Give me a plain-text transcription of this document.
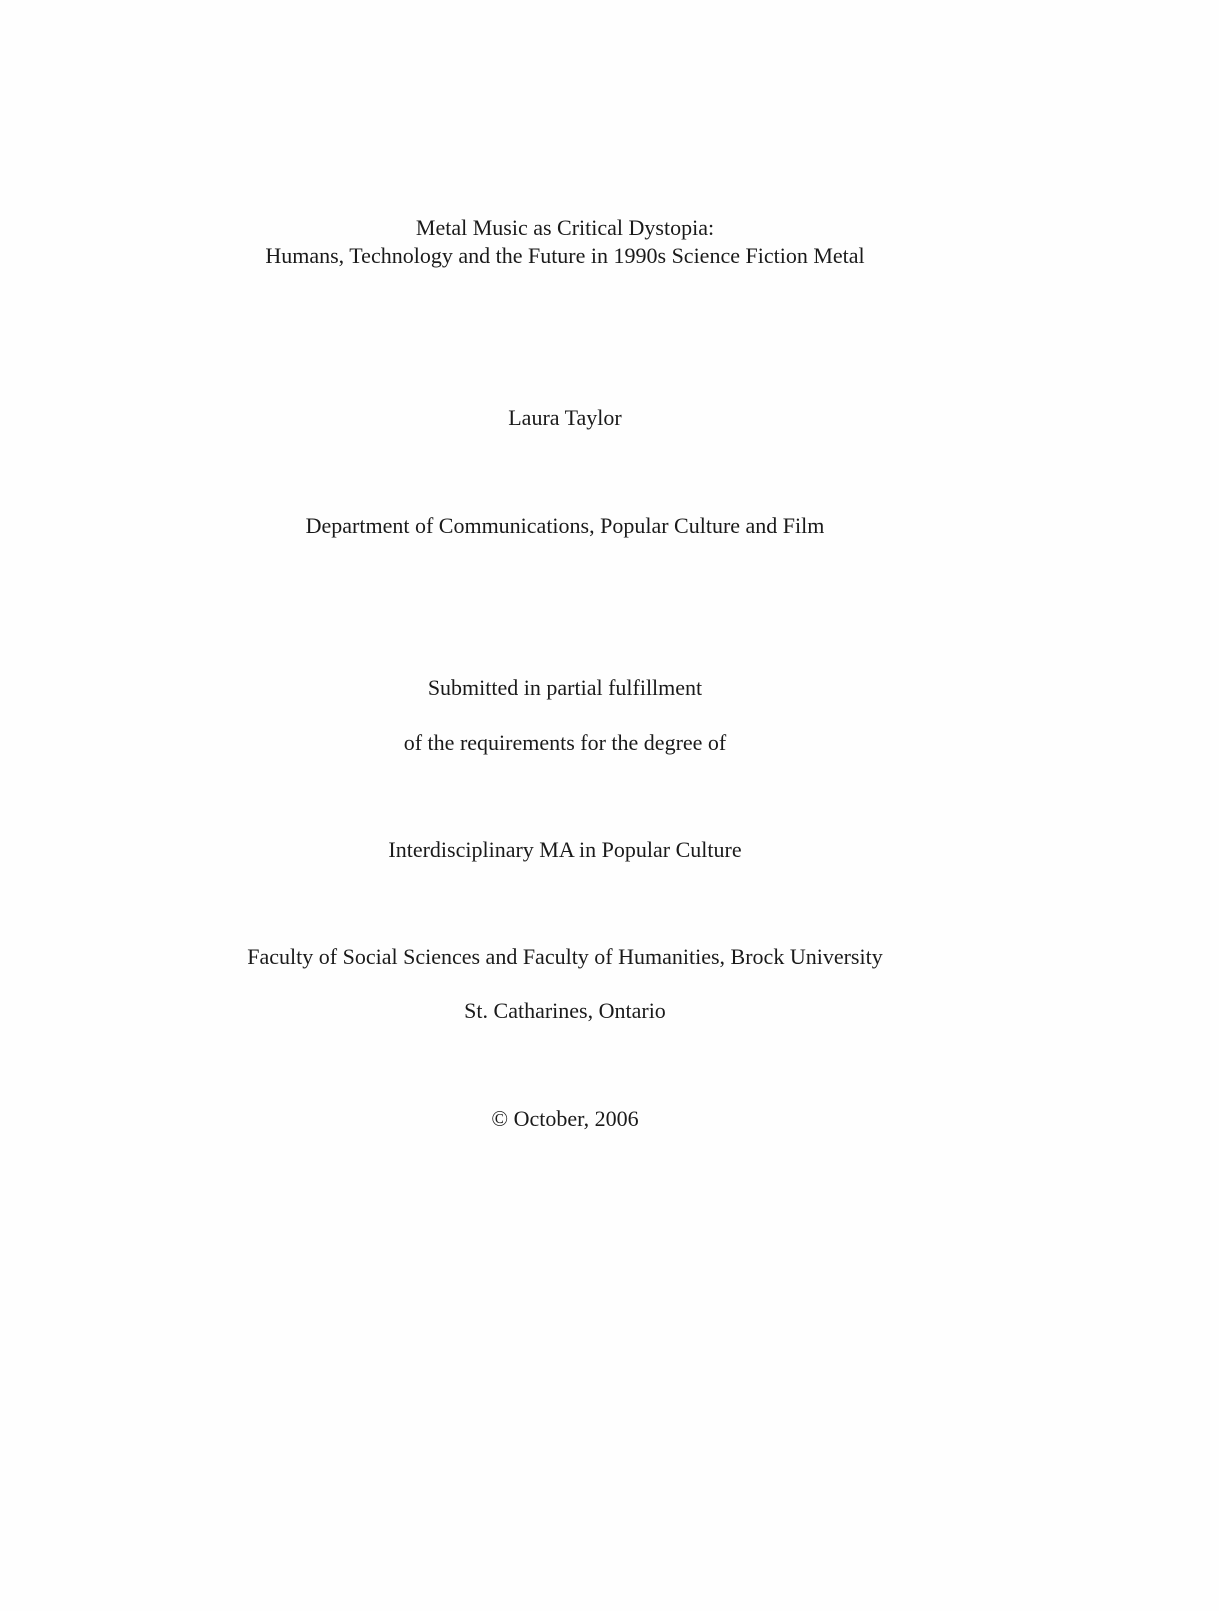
Metal Music as Critical Dystopia:
Humans, Technology and the Future in 1990s Science Fiction Metal
Laura Taylor
Department of Communications, Popular Culture and Film
Submitted in partial fulfillment
of the requirements for the degree of
Interdisciplinary MA in Popular Culture
Faculty of Social Sciences and Faculty of Humanities, Brock University
St. Catharines, Ontario
© October, 2006
